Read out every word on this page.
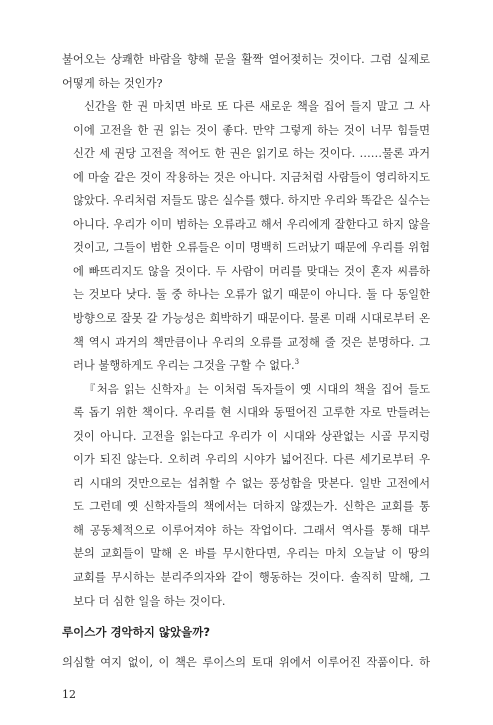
불어오는 상쾌한 바람을 향해 문을 활짝 열어젖히는 것이다. 그럼 실제로
어떻게 하는 것인가?
신간을 한 권 마치면 바로 또 다른 새로운 책을 집어 들지 말고 그 사
이에 고전을 한 권 읽는 것이 좋다. 만약 그렇게 하는 것이 너무 힘들면
신간 세 권당 고전을 적어도 한 권은 읽기로 하는 것이다. ……물론 과거
에 마술 같은 것이 작용하는 것은 아니다. 지금처럼 사람들이 영리하지도
않았다. 우리처럼 저들도 많은 실수를 했다. 하지만 우리와 똑같은 실수는
아니다. 우리가 이미 범하는 오류라고 해서 우리에게 잘한다고 하지 않을
것이고, 그들이 범한 오류들은 이미 명백히 드러났기 때문에 우리를 위험
에 빠뜨리지도 않을 것이다. 두 사람이 머리를 맞대는 것이 혼자 씨름하
는 것보다 낫다. 둘 중 하나는 오류가 없기 때문이 아니다. 둘 다 동일한
방향으로 잘못 갈 가능성은 희박하기 때문이다. 물론 미래 시대로부터 온
책 역시 과거의 책만큼이나 우리의 오류를 교정해 줄 것은 분명하다. 그
러나 불행하게도 우리는 그것을 구할 수 없다.$^3$
『처음 읽는 신학자』는 이처럼 독자들이 옛 시대의 책을 집어 들도
록 돕기 위한 책이다. 우리를 현 시대와 동떨어진 고루한 자로 만들려는
것이 아니다. 고전을 읽는다고 우리가 이 시대와 상관없는 시골 무지렁
이가 되진 않는다. 오히려 우리의 시야가 넓어진다. 다른 세기로부터 우
리 시대의 것만으로는 섭취할 수 없는 풍성함을 맛본다. 일반 고전에서
도 그런데 옛 신학자들의 책에서는 더하지 않겠는가. 신학은 교회를 통
해 공동체적으로 이루어져야 하는 작업이다. 그래서 역사를 통해 대부
분의 교회들이 말해 온 바를 무시한다면, 우리는 마치 오늘날 이 땅의
교회를 무시하는 분리주의자와 같이 행동하는 것이다. 솔직히 말해, 그
보다 더 심한 일을 하는 것이다.
루이스가 경악하지 않았을까?
의심할 여지 없이, 이 책은 루이스의 토대 위에서 이루어진 작품이다. 하
12
